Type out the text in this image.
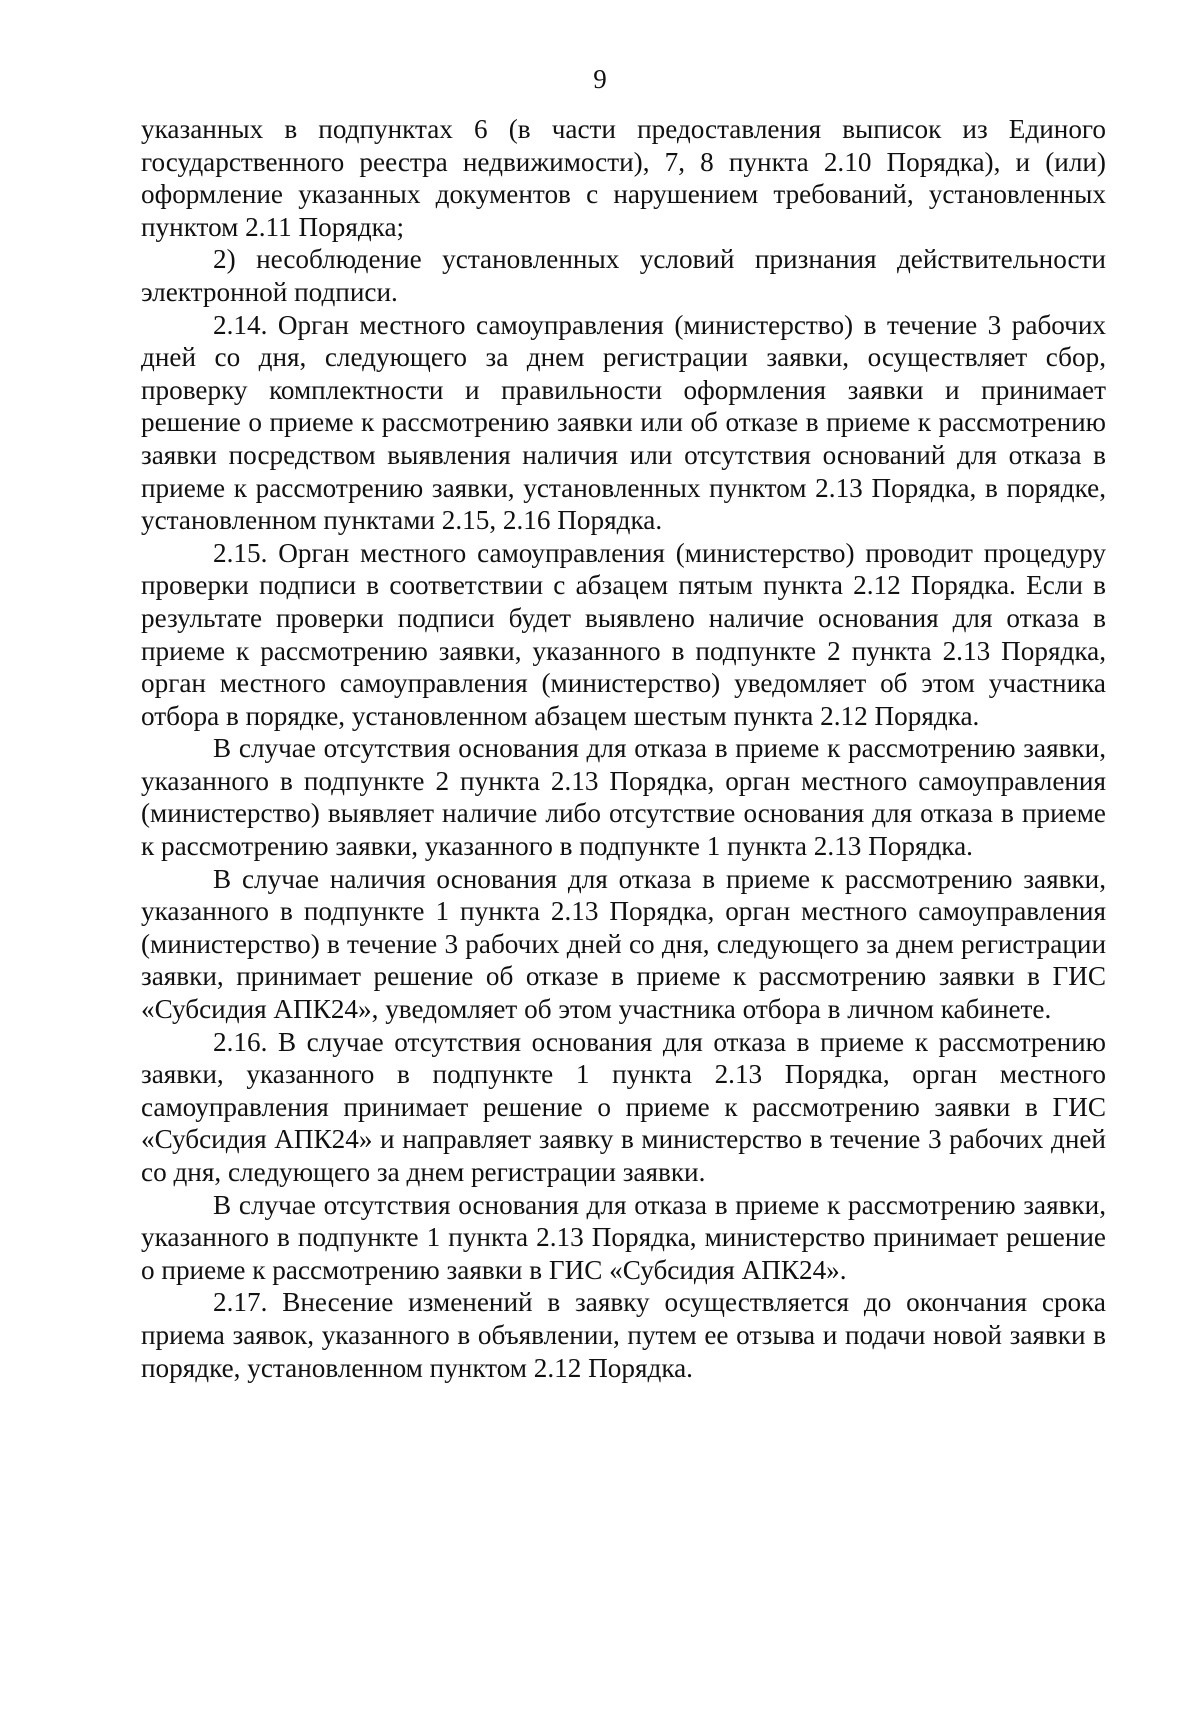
9

указанных в подпунктах 6 (в части предоставления выписок из Единого государственного реестра недвижимости), 7, 8 пункта 2.10 Порядка), и (или) оформление указанных документов с нарушением требований, установленных пунктом 2.11 Порядка;

2) несоблюдение установленных условий признания действительности электронной подписи.

2.14. Орган местного самоуправления (министерство) в течение 3 рабочих дней со дня, следующего за днем регистрации заявки, осуществляет сбор, проверку комплектности и правильности оформления заявки и принимает решение о приеме к рассмотрению заявки или об отказе в приеме к рассмотрению заявки посредством выявления наличия или отсутствия оснований для отказа в приеме к рассмотрению заявки, установленных пунктом 2.13 Порядка, в порядке, установленном пунктами 2.15, 2.16 Порядка.

2.15. Орган местного самоуправления (министерство) проводит процедуру проверки подписи в соответствии с абзацем пятым пункта 2.12 Порядка. Если в результате проверки подписи будет выявлено наличие основания для отказа в приеме к рассмотрению заявки, указанного в подпункте 2 пункта 2.13 Порядка, орган местного самоуправления (министерство) уведомляет об этом участника отбора в порядке, установленном абзацем шестым пункта 2.12 Порядка.

В случае отсутствия основания для отказа в приеме к рассмотрению заявки, указанного в подпункте 2 пункта 2.13 Порядка, орган местного самоуправления (министерство) выявляет наличие либо отсутствие основания для отказа в приеме к рассмотрению заявки, указанного в подпункте 1 пункта 2.13 Порядка.

В случае наличия основания для отказа в приеме к рассмотрению заявки, указанного в подпункте 1 пункта 2.13 Порядка, орган местного самоуправления (министерство) в течение 3 рабочих дней со дня, следующего за днем регистрации заявки, принимает решение об отказе в приеме к рассмотрению заявки в ГИС «Субсидия АПК24», уведомляет об этом участника отбора в личном кабинете.

2.16. В случае отсутствия основания для отказа в приеме к рассмотрению заявки, указанного в подпункте 1 пункта 2.13 Порядка, орган местного самоуправления принимает решение о приеме к рассмотрению заявки в ГИС «Субсидия АПК24» и направляет заявку в министерство в течение 3 рабочих дней со дня, следующего за днем регистрации заявки.

В случае отсутствия основания для отказа в приеме к рассмотрению заявки, указанного в подпункте 1 пункта 2.13 Порядка, министерство принимает решение о приеме к рассмотрению заявки в ГИС «Субсидия АПК24».

2.17. Внесение изменений в заявку осуществляется до окончания срока приема заявок, указанного в объявлении, путем ее отзыва и подачи новой заявки в порядке, установленном пунктом 2.12 Порядка.
